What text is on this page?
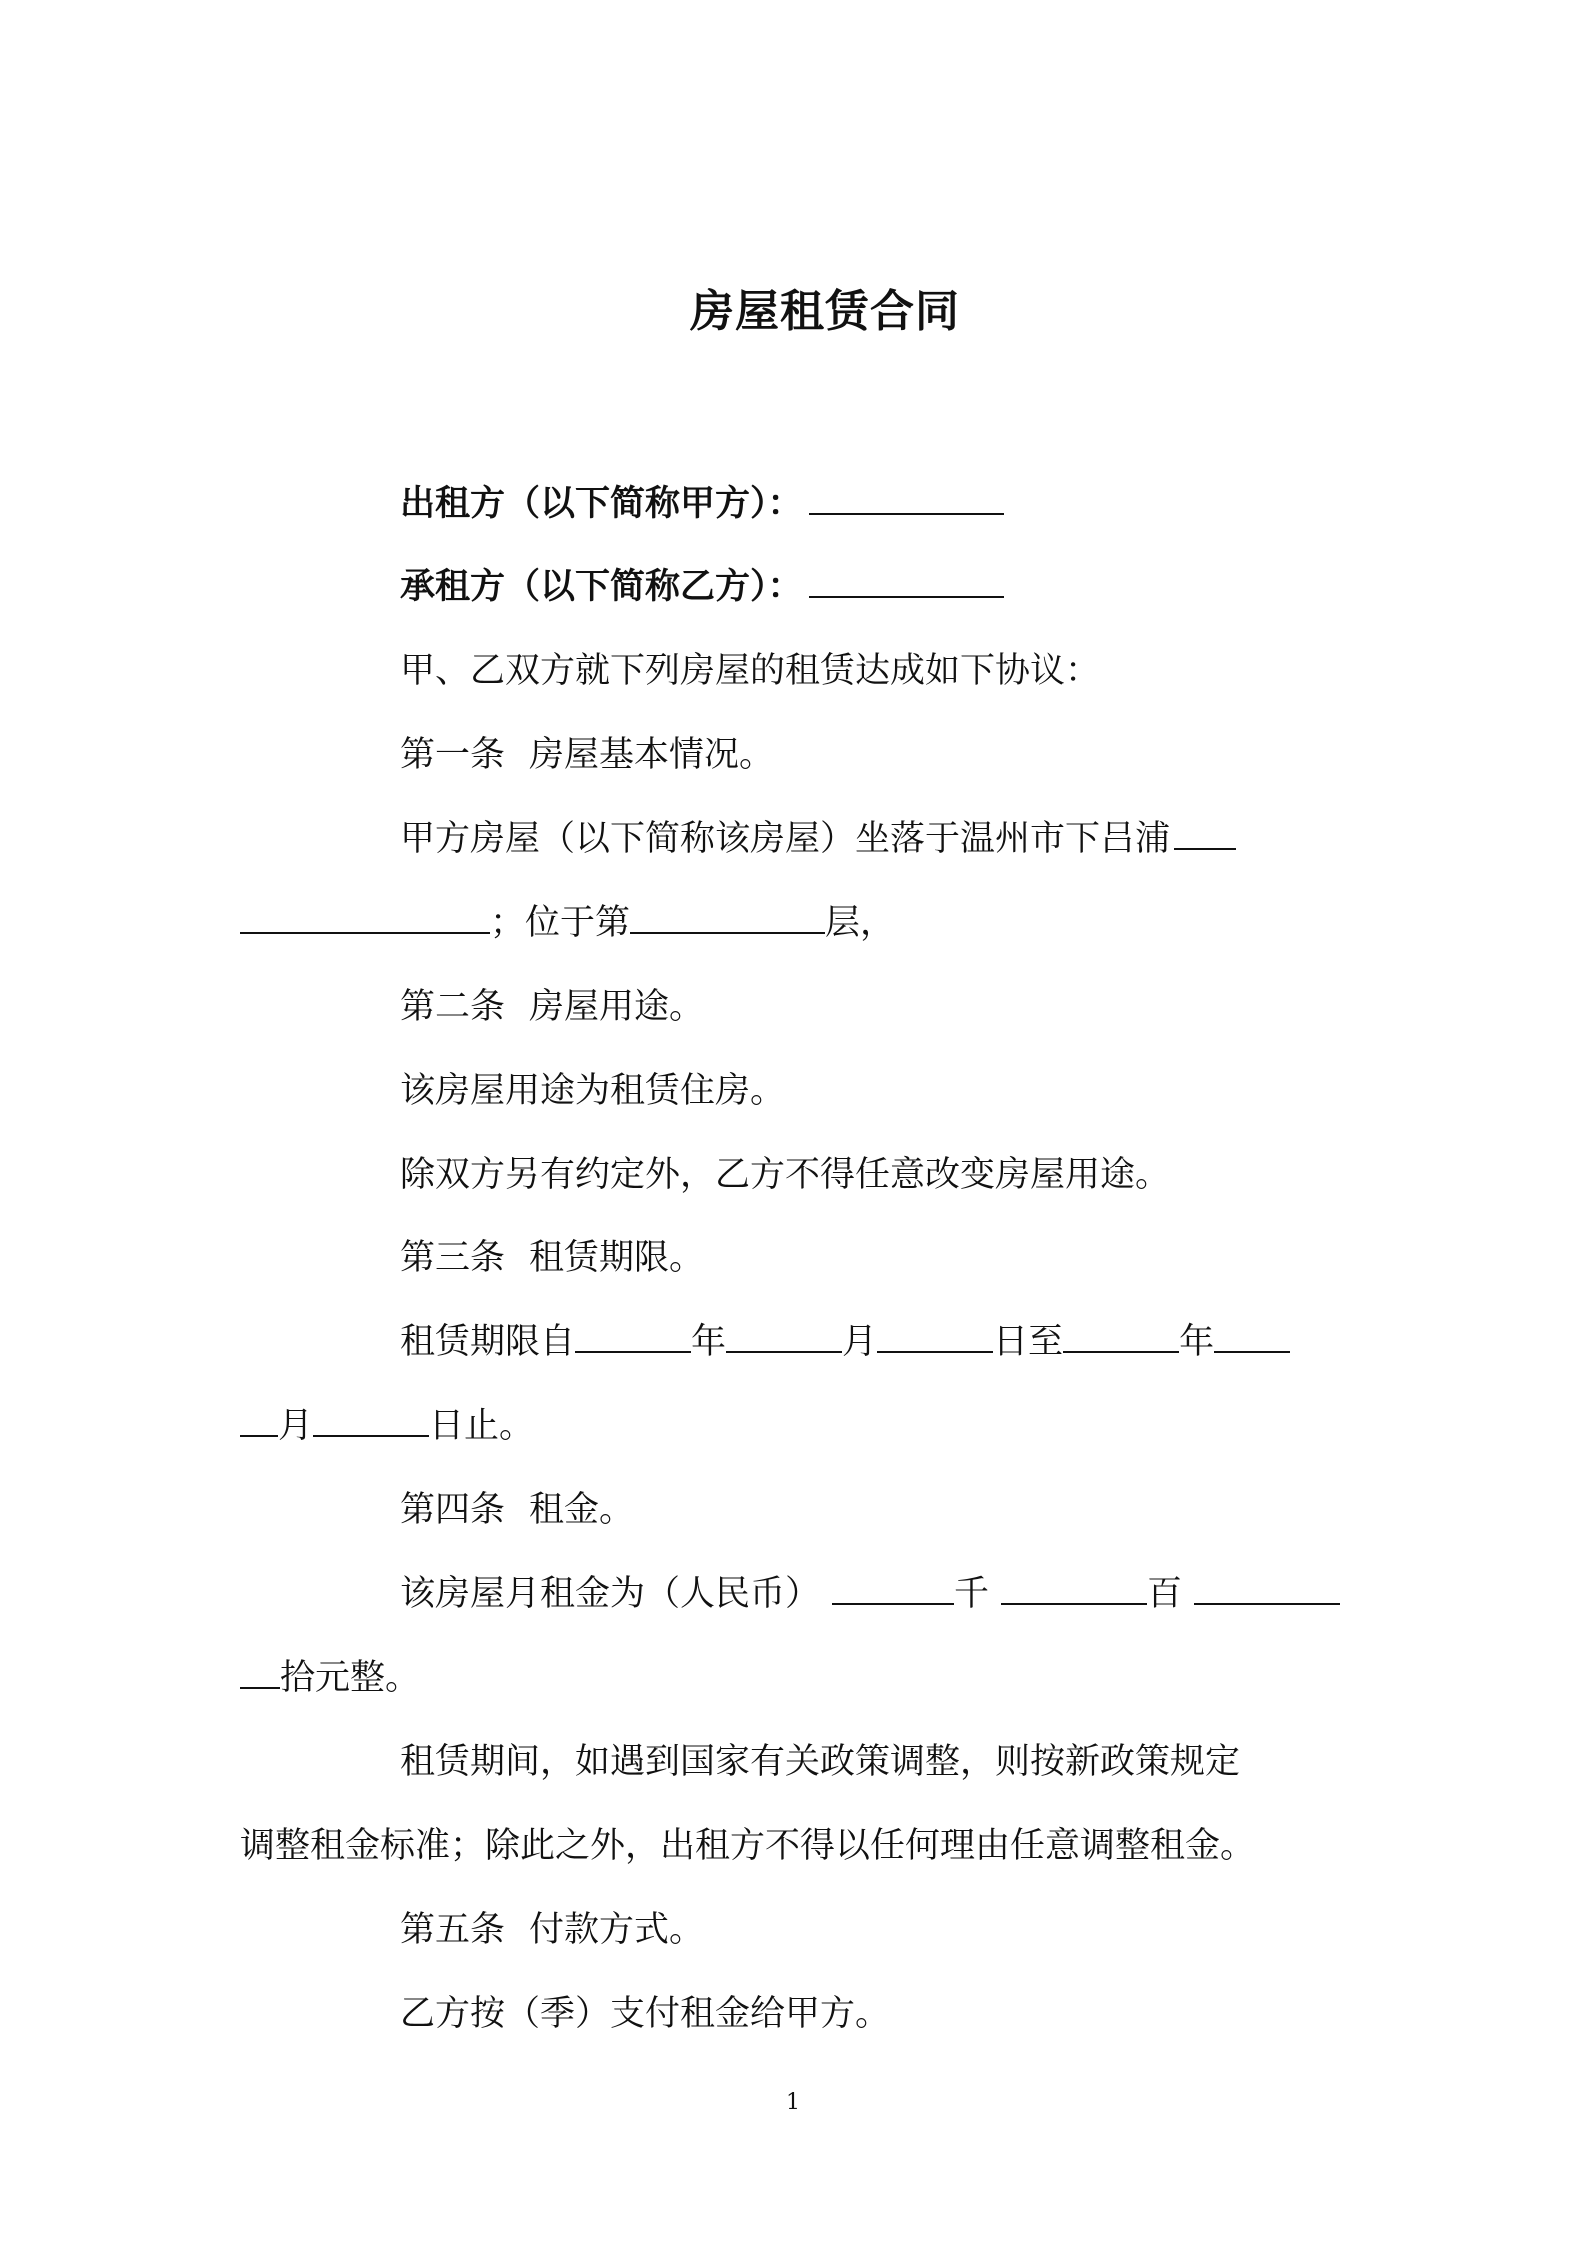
房屋租赁合同
出租方（以下简称甲方）：
承租方（以下简称乙方）：
甲、乙双方就下列房屋的租赁达成如下协议：
第一条 房屋基本情况。
甲方房屋（以下简称该房屋）坐落于温州市下吕浦
；位于第	层，
第二条 房屋用途。
该房屋用途为租赁住房。
除双方另有约定外，乙方不得任意改变房屋用途。
第三条 租赁期限。
租赁期限自	年	月	日至	年
月	日止。
第四条 租金。
该房屋月租金为（人民币）	千	百
拾元整。
租赁期间，如遇到国家有关政策调整，则按新政策规定
调整租金标准；除此之外，出租方不得以任何理由任意调整租金。
第五条 付款方式。
乙方按（季）支付租金给甲方。
1
